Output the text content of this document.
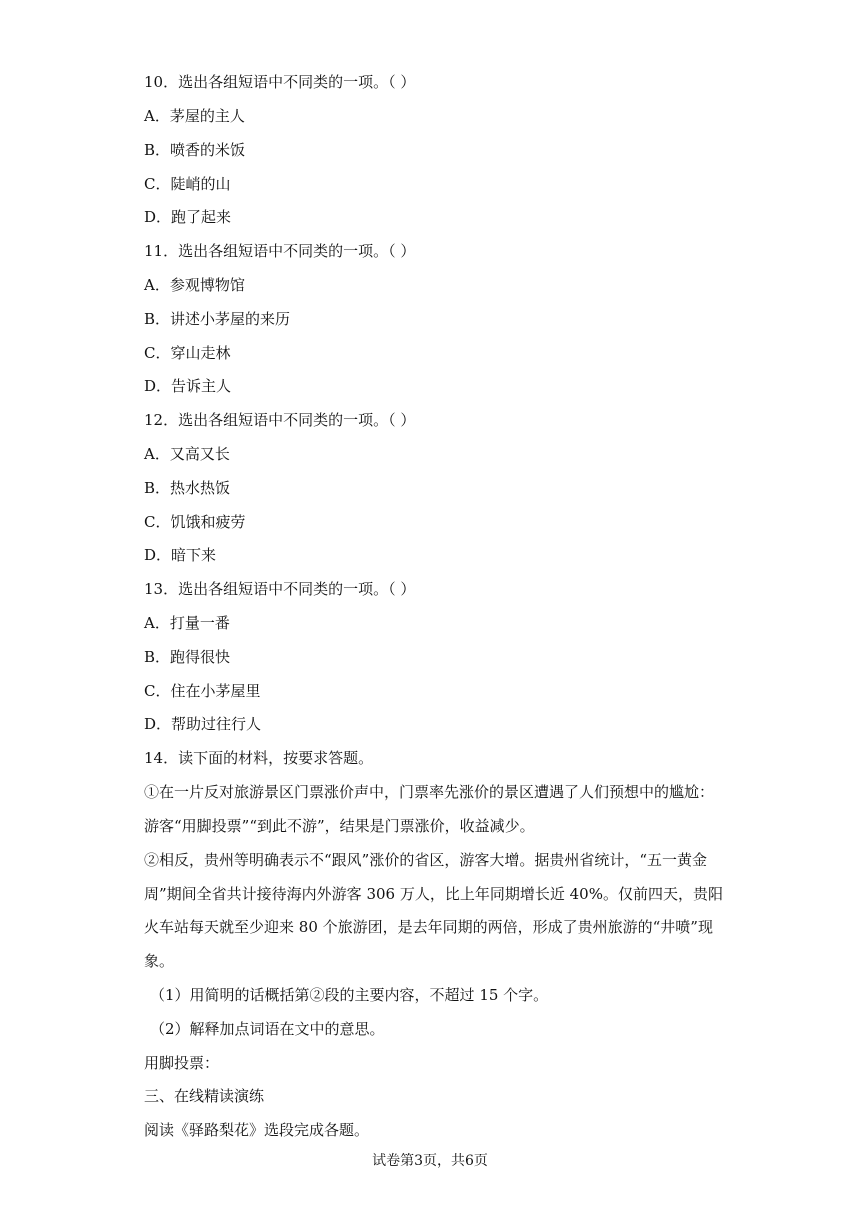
10．选出各组短语中不同类的一项。（ ）
A．茅屋的主人
B．喷香的米饭
C．陡峭的山
D．跑了起来
11．选出各组短语中不同类的一项。（ ）
A．参观博物馆
B．讲述小茅屋的来历
C．穿山走林
D．告诉主人
12．选出各组短语中不同类的一项。（ ）
A．又高又长
B．热水热饭
C．饥饿和疲劳
D．暗下来
13．选出各组短语中不同类的一项。（ ）
A．打量一番
B．跑得很快
C．住在小茅屋里
D．帮助过往行人
14．读下面的材料，按要求答题。
①在一片反对旅游景区门票涨价声中，门票率先涨价的景区遭遇了人们预想中的尴尬：
游客“用脚投票”“到此不游”，结果是门票涨价，收益减少。
②相反，贵州等明确表示不“跟风”涨价的省区，游客大增。据贵州省统计，“五一黄金
周”期间全省共计接待海内外游客 306 万人，比上年同期增长近 40%。仅前四天，贵阳
火车站每天就至少迎来 80 个旅游团，是去年同期的两倍，形成了贵州旅游的“井喷”现
象。
（1）用简明的话概括第②段的主要内容，不超过 15 个字。
（2）解释加点词语在文中的意思。
用脚投票：
三、在线精读演练
阅读《驿路梨花》选段完成各题。
试卷第3页，共6页
